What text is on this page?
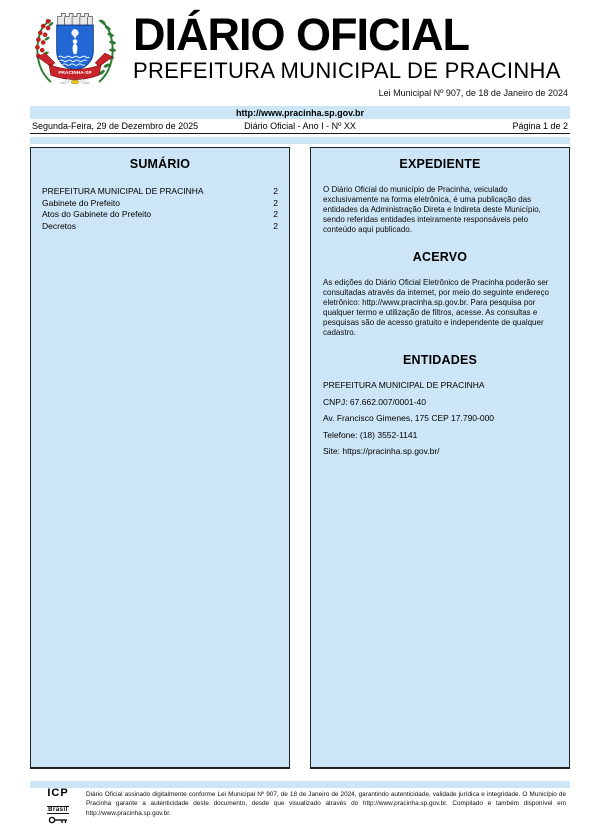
PRACINHA-SP
DIÁRIO OFICIAL
PREFEITURA MUNICIPAL DE PRACINHA
Lei Municipal Nº 907, de 18 de Janeiro de 2024
http://www.pracinha.sp.gov.br
Segunda-Feira, 29 de Dezembro de 2025	Diário Oficial - Ano I - Nº XX	Página 1 de 2
SUMÁRIO
PREFEITURA MUNICIPAL DE PRACINHA	2
Gabinete do Prefeito	2
Atos do Gabinete do Prefeito	2
Decretos	2
EXPEDIENTE
O Diário Oficial do município de Pracinha, veiculado exclusivamente na forma eletrônica, é uma publicação das entidades da Administração Direta e Indireta deste Município, sendo referidas entidades inteiramente responsáveis pelo conteúdo aqui publicado.
ACERVO
As edições do Diário Oficial Eletrônico de Pracinha poderão ser consultadas através da internet, por meio do seguinte endereço eletrônico: http://www.pracinha.sp.gov.br. Para pesquisa por qualquer termo e utilização de filtros, acesse. As consultas e pesquisas são de acesso gratuito e independente de qualquer cadastro.
ENTIDADES
PREFEITURA MUNICIPAL DE PRACINHA
CNPJ: 67.662.007/0001-40
Av. Francisco Gimenes, 175 CEP 17.790-000
Telefone: (18) 3552-1141
Site: https://pracinha.sp.gov.br/
ICP
Brasil
Diário Oficial assinado digitalmente conforme Lei Municipal Nº 907, de 18 de Janeiro de 2024, garantindo autenticidade, validade jurídica e integridade. O Município de Pracinha garante a autenticidade deste documento, desde que visualizado através do http://www.pracinha.sp.gov.br. Compilado e também disponível em http://www.pracinha.sp.gov.br.
